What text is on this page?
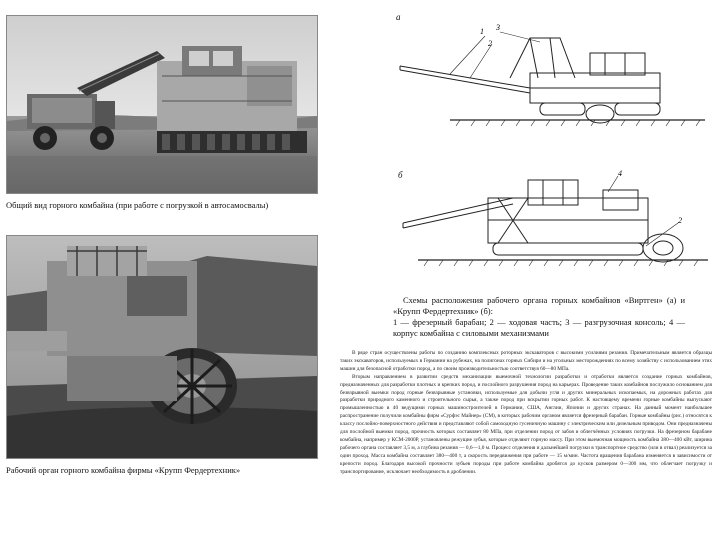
Общий вид горного комбайна (при работе с погрузкой в автосамосвалы)
Рабочий орган горного комбайна фирмы «Крупп Фердертехник»
а
1
2
3
б	4
2

Схемы расположения рабочего органа горных комбайнов «Виртген» (а) и «Крупп Фердертехник» (б):

1 — фрезерный барабан; 2 — ходовая часть; 3 — разгрузочная консоль; 4 — корпус комбайна с силовыми механизмами

В ряде стран осуществлены работы по созданию комплексных роторных экскаваторов с высокими усилиями резания. Примечательным является образцы таких экскаваторов, используемых в Германии на рубежах, на полигонах горных Сибири и на угольных месторождениях по всему хозяйству с использованием этих машин для безопасной отработки пород, а по своим производительностью соответствуя 60—80 МПа.

Вторым направлением в развитии средств механизации выемочной технологии разработки и отработки является создание горных комбайнов, предназначенных для разработки плотных и крепких пород, и послойного разрушения пород на карьерах. Проведение таких комбайнов послужило основанием для безвзрывной выемки пород горные безвзрывные установки, используемые для добычи угля и других минеральных ископаемых, на дорожных работах для разработки природного каменного и строительного сырья, а также пород при вскрытии горных работ. К настоящему времени горные комбайны выпускают промышленностью в 40 ведущими горных машиностроителей в Германии, США, Англии, Японии и других странах. На данный момент наибольшее распространение получили комбайны фирм «Сурфэс Майнер» (СМ), в которых рабочим органом является фрезерный барабан. Горные комбайны (рис.) относятся к классу послойно-поверхностного действия и представляют собой самоходную гусеничную машину с электрическим или дизельным приводом. Они предназначены для послойной выемки пород, прочность которых составляет 80 МПа, при отделении пород от забоя и облегчённых условиях погрузки. На фрезерном барабане комбайна, например у КСМ-2000Р, установлены режущие зубья, которые отделяют горную массу. При этом выемочная мощность комбайна 380—400 кВт, ширина рабочего органа составляет 3,5 м, а глубина резания — 0,6—1,0 м. Процесс отделения и дальнейшей погрузки в транспортное средство (или в отвал) реализуется за один проход. Масса комбайна составляет 380—400 т, а скорость передвижения при работе — 15 м/мин. Частота вращения барабана изменяется в зависимости от крепости пород. Благодаря высокой прочности зубьев породы при работе комбайна дробятся до кусков размером 0—300 мм, что облегчает погрузку и транспортирование, исключает необходимость в дроблении.
